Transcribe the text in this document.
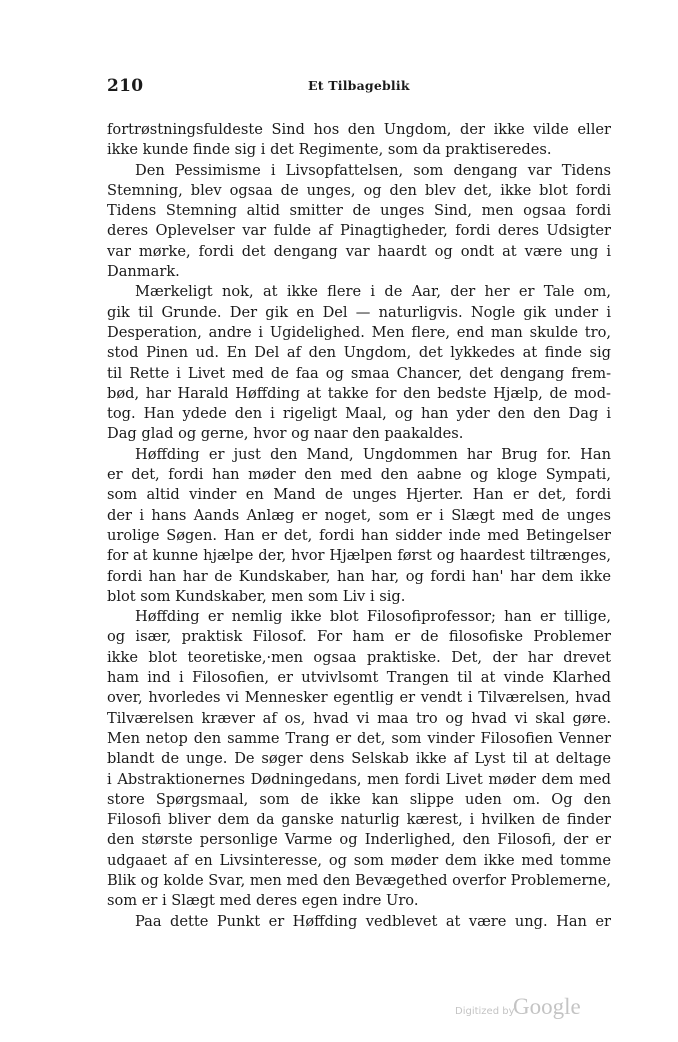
210	Et Tilbageblik
fortrøstningsfuldeste Sind hos den Ungdom, der ikke vilde eller
ikke kunde finde sig i det Regimente, som da praktiseredes.
Den Pessimisme i Livsopfattelsen, som dengang var Tidens
Stemning, blev ogsaa de unges, og den blev det, ikke blot fordi
Tidens Stemning altid smitter de unges Sind, men ogsaa fordi
deres Oplevelser var fulde af Pinagtigheder, fordi deres Udsigter
var mørke, fordi det dengang var haardt og ondt at være ung i
Danmark.
Mærkeligt nok, at ikke flere i de Aar, der her er Tale om,
gik til Grunde. Der gik en Del — naturligvis. Nogle gik under i
Desperation, andre i Ugidelighed. Men flere, end man skulde tro,
stod Pinen ud. En Del af den Ungdom, det lykkedes at finde sig
til Rette i Livet med de faa og smaa Chancer, det dengang frem-
bød, har Harald Høffding at takke for den bedste Hjælp, de mod-
tog. Han ydede den i rigeligt Maal, og han yder den den Dag i
Dag glad og gerne, hvor og naar den paakaldes.
Høffding er just den Mand, Ungdommen har Brug for. Han
er det, fordi han møder den med den aabne og kloge Sympati,
som altid vinder en Mand de unges Hjerter. Han er det, fordi
der i hans Aands Anlæg er noget, som er i Slægt med de unges
urolige Søgen. Han er det, fordi han sidder inde med Betingelser
for at kunne hjælpe der, hvor Hjælpen først og haardest tiltrænges,
fordi han har de Kundskaber, han har, og fordi han' har dem ikke
blot som Kundskaber, men som Liv i sig.
Høffding er nemlig ikke blot Filosofiprofessor; han er tillige,
og især, praktisk Filosof. For ham er de filosofiske Problemer
ikke blot teoretiske,·men ogsaa praktiske. Det, der har drevet
ham ind i Filosofien, er utvivlsomt Trangen til at vinde Klarhed
over, hvorledes vi Mennesker egentlig er vendt i Tilværelsen, hvad
Tilværelsen kræver af os, hvad vi maa tro og hvad vi skal gøre.
Men netop den samme Trang er det, som vinder Filosofien Venner
blandt de unge. De søger dens Selskab ikke af Lyst til at deltage
i Abstraktionernes Dødningedans, men fordi Livet møder dem med
store Spørgsmaal, som de ikke kan slippe uden om. Og den
Filosofi bliver dem da ganske naturlig kærest, i hvilken de finder
den største personlige Varme og Inderlighed, den Filosofi, der er
udgaaet af en Livsinteresse, og som møder dem ikke med tomme
Blik og kolde Svar, men med den Bevægethed overfor Problemerne,
som er i Slægt med deres egen indre Uro.
Paa dette Punkt er Høffding vedblevet at være ung. Han er
Digitized by
Google
